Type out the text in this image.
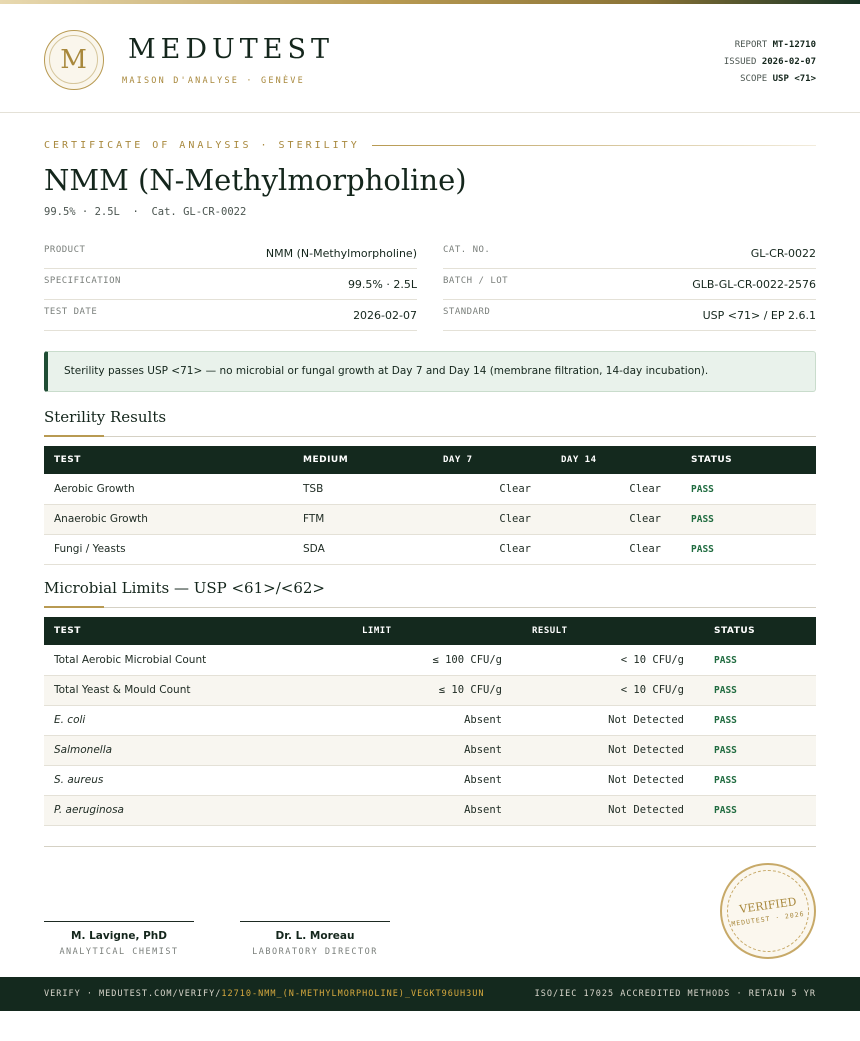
M	MEDUTEST
MAISON D'ANALYSE · GENÈVE
REPORT MT-12710
ISSUED 2026-02-07
SCOPE USP <71>
CERTIFICATE OF ANALYSIS · STERILITY
NMM (N-Methylmorpholine)
99.5% · 2.5L  ·  Cat. GL-CR-0022
PRODUCT	NMM (N-Methylmorpholine)
SPECIFICATION	99.5% · 2.5L
TEST DATE	2026-02-07
CAT. NO.	GL-CR-0022
BATCH / LOT	GLB-GL-CR-0022-2576
STANDARD	USP <71> / EP 2.6.1
Sterility passes USP <71> — no microbial or fungal growth at Day 7 and Day 14 (membrane filtration, 14-day incubation).
Sterility Results
TEST	MEDIUM	DAY 7	DAY 14	STATUS
Aerobic Growth	TSB	Clear	Clear	PASS
Anaerobic Growth	FTM	Clear	Clear	PASS
Fungi / Yeasts	SDA	Clear	Clear	PASS
Microbial Limits — USP <61>/<62>
TEST	LIMIT	RESULT	STATUS
Total Aerobic Microbial Count	≤ 100 CFU/g	< 10 CFU/g	PASS
Total Yeast & Mould Count	≤ 10 CFU/g	< 10 CFU/g	PASS
E. coli	Absent	Not Detected	PASS
Salmonella	Absent	Not Detected	PASS
S. aureus	Absent	Not Detected	PASS
P. aeruginosa	Absent	Not Detected	PASS
M. Lavigne, PhD
ANALYTICAL CHEMIST
Dr. L. Moreau
LABORATORY DIRECTOR
VERIFIED
MEDUTEST · 2026
VERIFY · MEDUTEST.COM/VERIFY/12710-NMM_(N-METHYLMORPHOLINE)_VEGKT96UH3UN	ISO/IEC 17025 ACCREDITED METHODS · RETAIN 5 YR
